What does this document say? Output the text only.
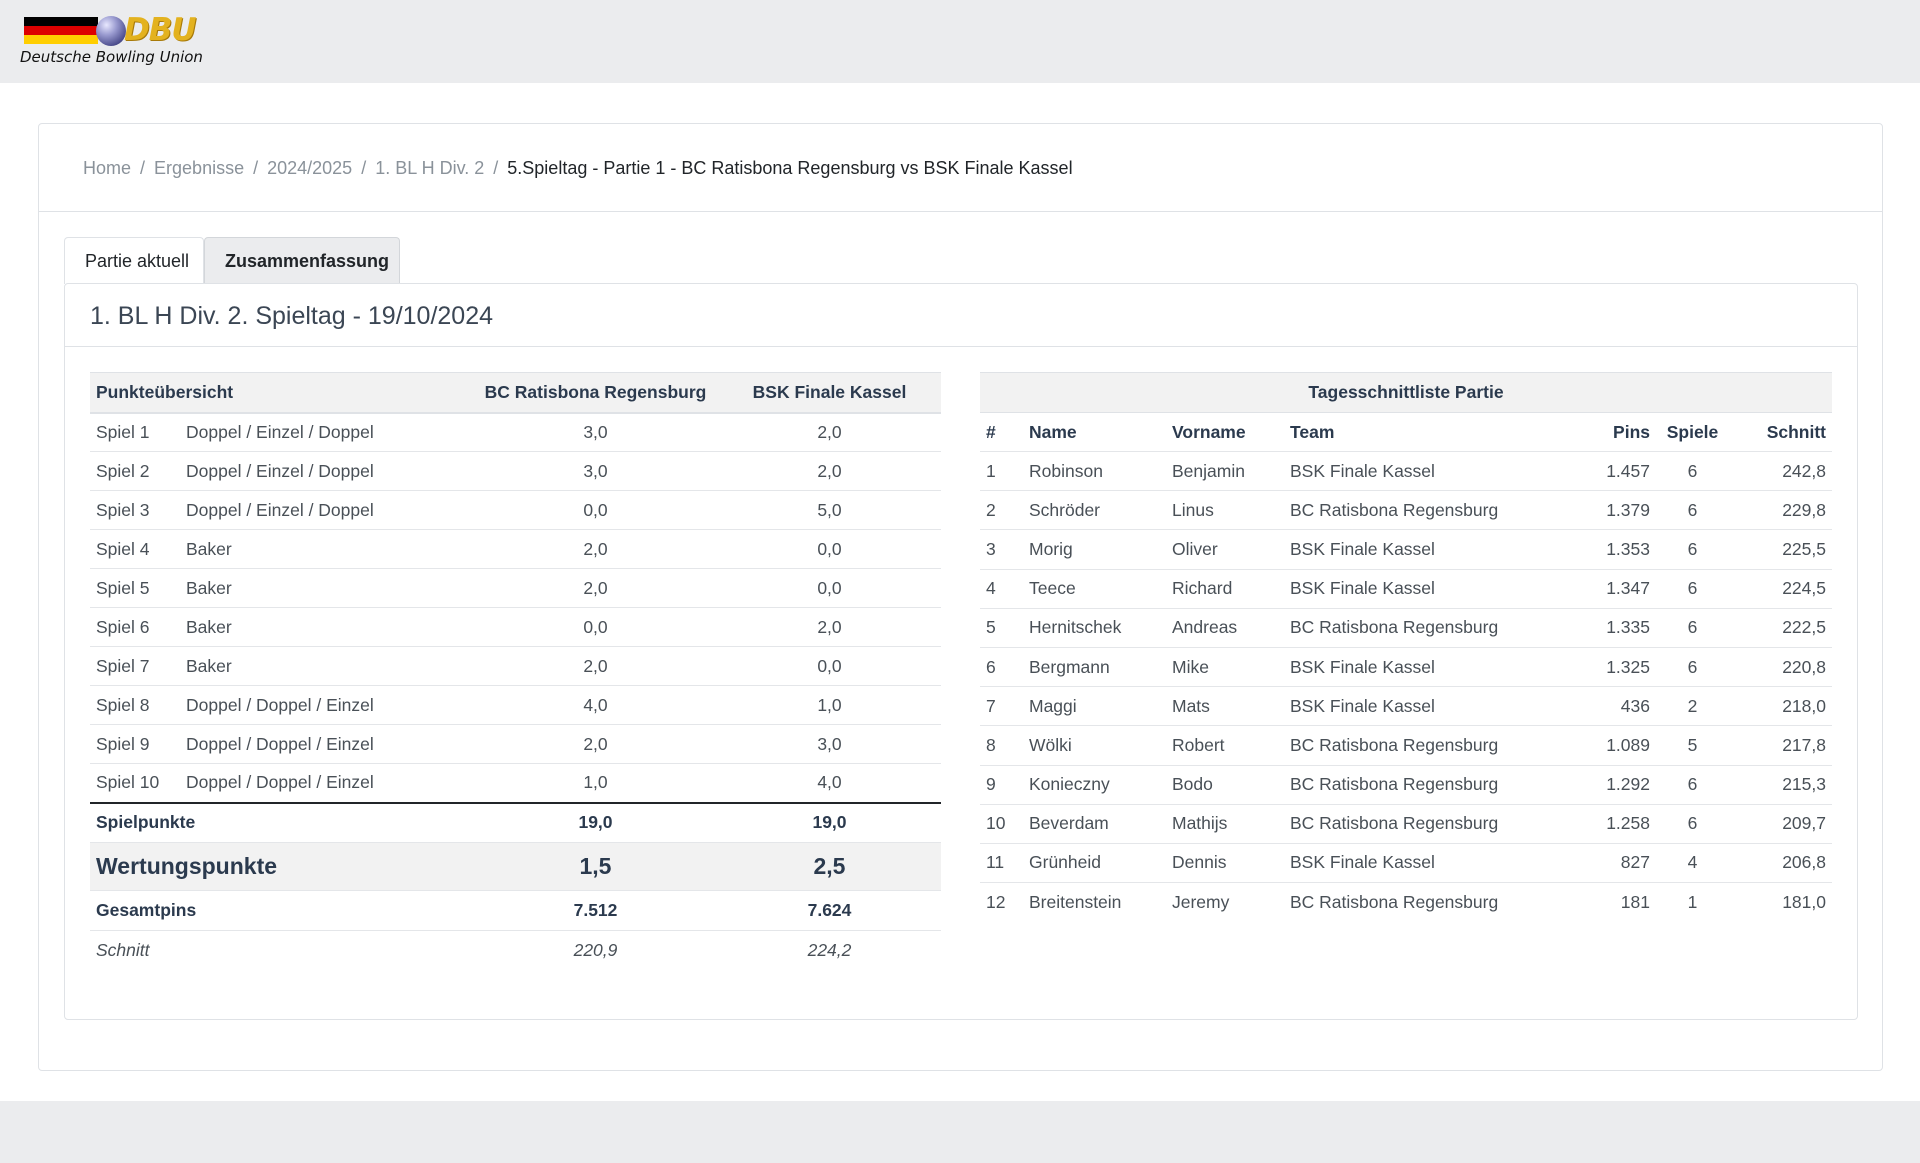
DBU
Deutsche Bowling Union
Home / Ergebnisse / 2024/2025 / 1. BL H Div. 2 / 5.Spieltag - Partie 1 - BC Ratisbona Regensburg vs BSK Finale Kassel
Partie aktuell	Zusammenfassung
1. BL H Div. 2. Spieltag - 19/10/2024
Punkteübersicht		BC Ratisbona Regensburg	BSK Finale Kassel
Spiel 1	Doppel / Einzel / Doppel	3,0	2,0
Spiel 2	Doppel / Einzel / Doppel	3,0	2,0
Spiel 3	Doppel / Einzel / Doppel	0,0	5,0
Spiel 4	Baker	2,0	0,0
Spiel 5	Baker	2,0	0,0
Spiel 6	Baker	0,0	2,0
Spiel 7	Baker	2,0	0,0
Spiel 8	Doppel / Doppel / Einzel	4,0	1,0
Spiel 9	Doppel / Doppel / Einzel	2,0	3,0
Spiel 10	Doppel / Doppel / Einzel	1,0	4,0
Spielpunkte		19,0	19,0
Wertungspunkte		1,5	2,5
Gesamtpins		7.512	7.624
Schnitt		220,9	224,2
Tagesschnittliste Partie						
#	Name	Vorname	Team	Pins	Spiele	Schnitt
1	Robinson	Benjamin	BSK Finale Kassel	1.457	6	242,8
2	Schröder	Linus	BC Ratisbona Regensburg	1.379	6	229,8
3	Morig	Oliver	BSK Finale Kassel	1.353	6	225,5
4	Teece	Richard	BSK Finale Kassel	1.347	6	224,5
5	Hernitschek	Andreas	BC Ratisbona Regensburg	1.335	6	222,5
6	Bergmann	Mike	BSK Finale Kassel	1.325	6	220,8
7	Maggi	Mats	BSK Finale Kassel	436	2	218,0
8	Wölki	Robert	BC Ratisbona Regensburg	1.089	5	217,8
9	Konieczny	Bodo	BC Ratisbona Regensburg	1.292	6	215,3
10	Beverdam	Mathijs	BC Ratisbona Regensburg	1.258	6	209,7
11	Grünheid	Dennis	BSK Finale Kassel	827	4	206,8
12	Breitenstein	Jeremy	BC Ratisbona Regensburg	181	1	181,0
